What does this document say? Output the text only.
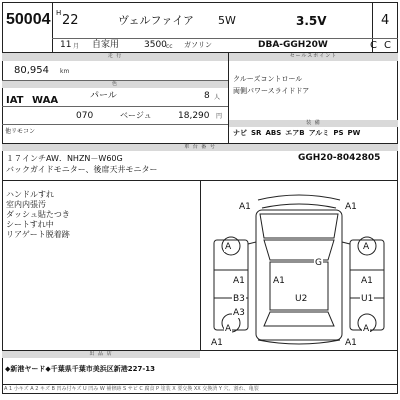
50004 H 22	ヴェルファイア 5W	3.5V	4
11 月 自家用	3500 cc ガソリン	DBA-GGH20W	C C
走 行	セールスポイント
80,954 km
色
IAT WAA	パール	8 人
070	ベージュ	18,290 円
他リモコン
クルーズコントロール
両側パワースライドドア
装 備
ナビ SR ABS エアB アルミ PS PW
車 台 番 号
１７インチAW．NHZN－W60G
バックガイドモニター、後席天井モニター
GGH20-8042805
ハンドルすれ
室内内張汚
ダッシュ貼たつき
シートすれ中
リアゲート脱着跡
A1	A1
A	A
G
A1	A1	A1
U2
B3
A3
U1
A	A
A1
A1
出 品 店
◆新港ヤード◆千葉県千葉市美浜区新港227-13
A 1 小キズ A 2 キズ B 凹み付キズ U 凹み W 補修跡 S サビ C 腐食 P 塗装 X 要交換 XX 交換済 Y 穴、割れ、亀裂
